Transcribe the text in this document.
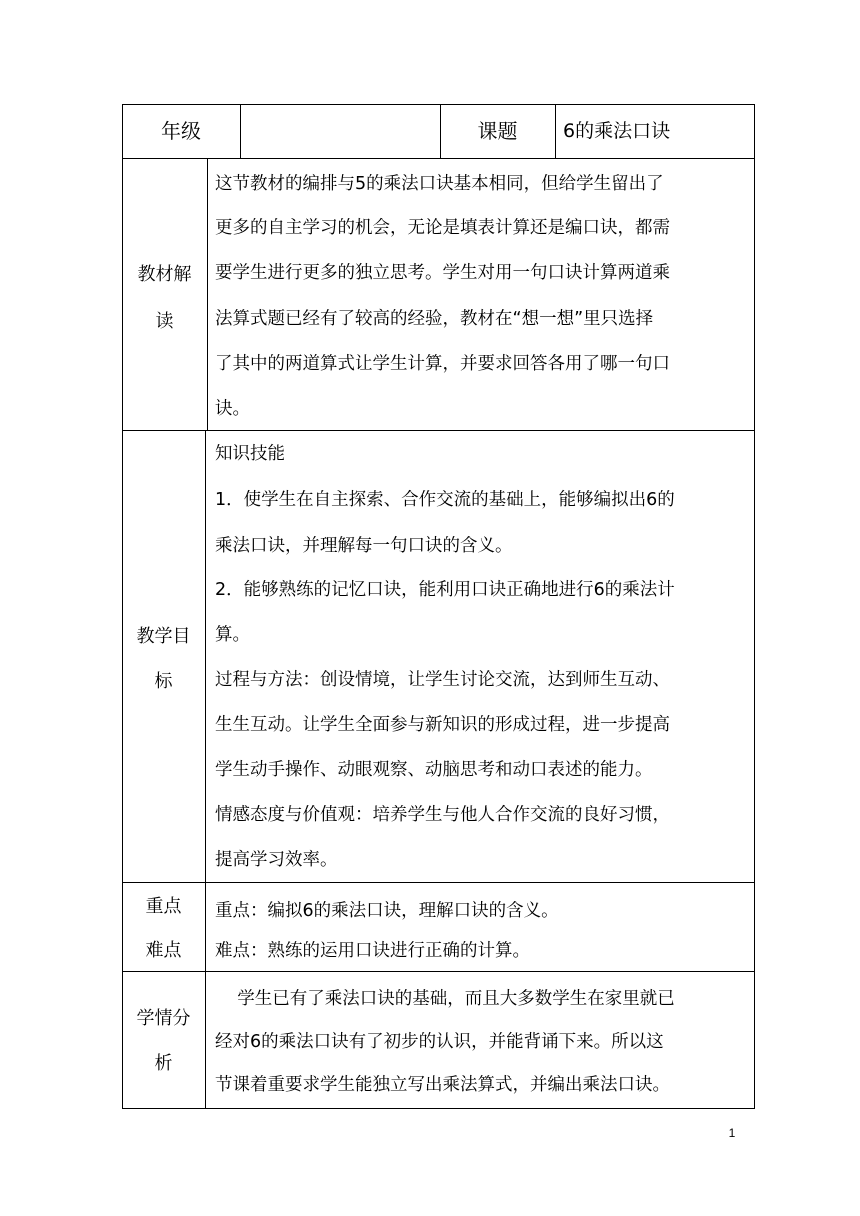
年级	课题	6的乘法口诀
教材解
读
这节教材的编排与5的乘法口诀基本相同，但给学生留出了
更多的自主学习的机会，无论是填表计算还是编口诀，都需
要学生进行更多的独立思考。学生对用一句口诀计算两道乘
法算式题已经有了较高的经验，教材在“想一想”里只选择
了其中的两道算式让学生计算，并要求回答各用了哪一句口
诀。
教学目
标
知识技能
1．使学生在自主探索、合作交流的基础上，能够编拟出6的
乘法口诀，并理解每一句口诀的含义。
2．能够熟练的记忆口诀，能利用口诀正确地进行6的乘法计
算。
过程与方法：创设情境，让学生讨论交流，达到师生互动、
生生互动。让学生全面参与新知识的形成过程，进一步提高
学生动手操作、动眼观察、动脑思考和动口表述的能力。
情感态度与价值观：培养学生与他人合作交流的良好习惯，
提高学习效率。
重点
难点
重点：编拟6的乘法口诀，理解口诀的含义。
难点：熟练的运用口诀进行正确的计算。
学情分
析
学生已有了乘法口诀的基础，而且大多数学生在家里就已
经对6的乘法口诀有了初步的认识，并能背诵下来。所以这
节课着重要求学生能独立写出乘法算式，并编出乘法口诀。
1
